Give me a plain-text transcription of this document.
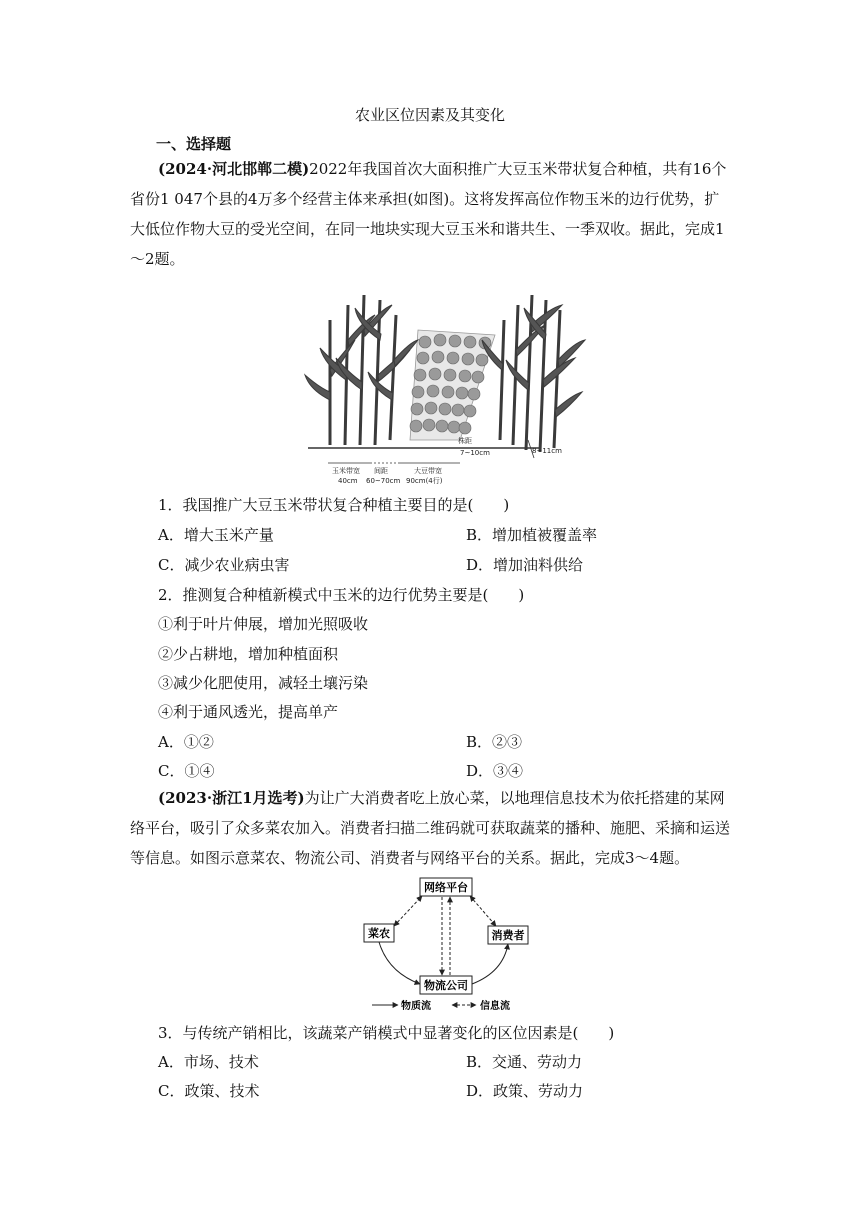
农业区位因素及其变化
一、选择题
(2024·河北邯郸二模)2022年我国首次大面积推广大豆玉米带状复合种植，共有16个省份1 047个县的4万多个经营主体来承担(如图)。这将发挥高位作物玉米的边行优势，扩大低位作物大豆的受光空间，在同一地块实现大豆玉米和谐共生、一季双收。据此，完成1～2题。
8~11cm
株距
7~10cm
玉米带宽
40cm
间距
60~70cm
大豆带宽
90cm(4行)
1．我国推广大豆玉米带状复合种植主要目的是(　　)
A．增大玉米产量	B．增加植被覆盖率
C．减少农业病虫害	D．增加油料供给
2．推测复合种植新模式中玉米的边行优势主要是(　　)
①利于叶片伸展，增加光照吸收
②少占耕地，增加种植面积
③减少化肥使用，减轻土壤污染
④利于通风透光，提高单产
A．①②	B．②③
C．①④	D．③④
(2023·浙江1月选考)为让广大消费者吃上放心菜，以地理信息技术为依托搭建的某网络平台，吸引了众多菜农加入。消费者扫描二维码就可获取蔬菜的播种、施肥、采摘和运送等信息。如图示意菜农、物流公司、消费者与网络平台的关系。据此，完成3～4题。
网络平台
菜农	消费者
物流公司
物质流	信息流
3．与传统产销相比，该蔬菜产销模式中显著变化的区位因素是(　　)
A．市场、技术	B．交通、劳动力
C．政策、技术	D．政策、劳动力
